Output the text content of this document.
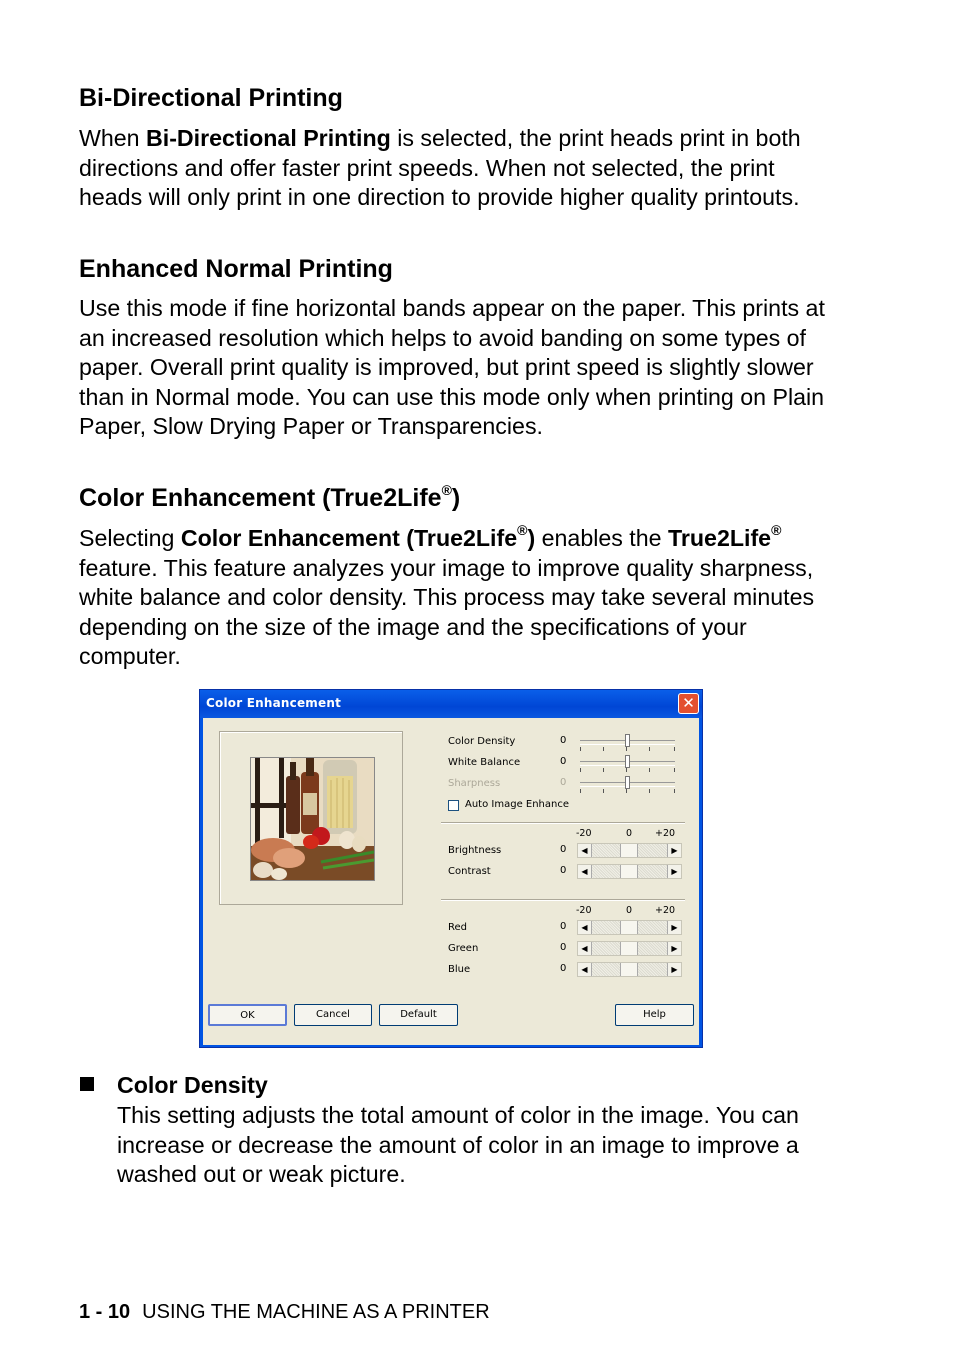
Bi-Directional Printing

When Bi-Directional Printing is selected, the print heads print in both directions and offer faster print speeds. When not selected, the print heads will only print in one direction to provide higher quality printouts.

Enhanced Normal Printing

Use this mode if fine horizontal bands appear on the paper. This prints at an increased resolution which helps to avoid banding on some types of paper. Overall print quality is improved, but print speed is slightly slower than in Normal mode. You can use this mode only when printing on Plain Paper, Slow Drying Paper or Transparencies.

Color Enhancement (True2Life®)

Selecting Color Enhancement (True2Life®) enables the True2Life® feature. This feature analyzes your image to improve quality sharpness, white balance and color density. This process may take several minutes depending on the size of the image and the specifications of your computer.

Color Enhancement	✕
Color Density	0
White Balance	0
Sharpness	0
Auto Image Enhance
-20	0 +20
Brightness	0	◀	▶
Contrast	0	◀	▶
-20	0 +20
Red	0	◀	▶
Green	0	◀	▶
Blue	0	◀	▶
OK	Cancel	Default	Help
Color Density
This setting adjusts the total amount of color in the image. You can increase or decrease the amount of color in an image to improve a washed out or weak picture.
1 - 10 USING THE MACHINE AS A PRINTER
